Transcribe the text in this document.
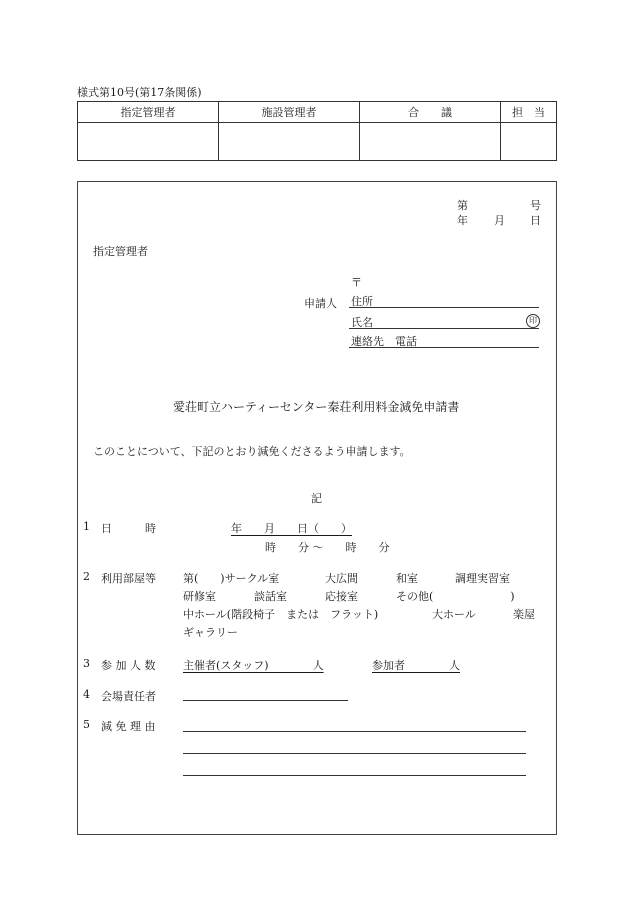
様式第10号(第17条関係)
指定管理者	施設管理者	合　　議	担　当

第	号
年 月 日
指定管理者
〒
申請人 住所
氏名	印
連絡先　電話
愛荘町立ハーティーセンター秦荘利用料金減免申請書
このことについて、下記のとおり減免くださるよう申請します。
記
1 日　　　時	年　　月　　日（　　）
時　　分 ～　　時　　分
2 利用部屋等 第(　　)サークル室	大広間	和室	調理実習室
研修室	談話室	応接室	その他(　　　　　　　)
中ホール(階段椅子　または　フラット)	大ホール	楽屋
ギャラリー
3 参 加 人 数	主催者(スタッフ)　　　　人	参加者　　　　人
4 会場責任者
5 減 免 理 由
